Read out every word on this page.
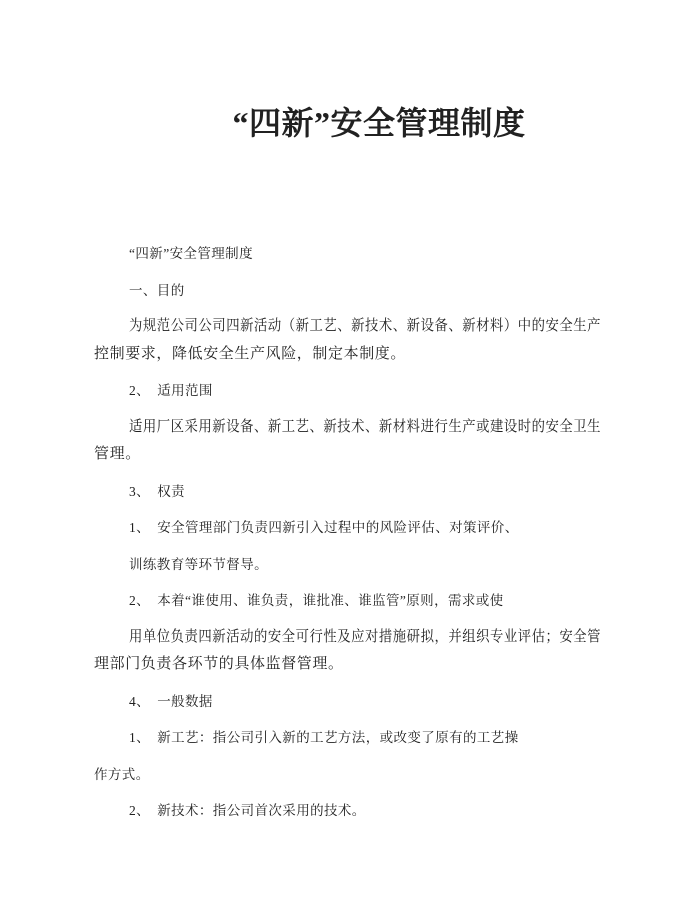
“四新”安全管理制度
“四新”安全管理制度
一、目的
为规范公司公司四新活动（新工艺、新技术、新设备、新材料）中的安全生产
控制要求，降低安全生产风险，制定本制度。
2、　适用范围
适用厂区采用新设备、新工艺、新技术、新材料进行生产或建设时的安全卫生
管理。
3、　权责
1、　安全管理部门负责四新引入过程中的风险评估、对策评价、
训练教育等环节督导。
2、　本着“谁使用、谁负责，谁批准、谁监管”原则，需求或使
用单位负责四新活动的安全可行性及应对措施研拟，并组织专业评估；安全管
理部门负责各环节的具体监督管理。
4、　一般数据
1、　新工艺：指公司引入新的工艺方法，或改变了原有的工艺操
作方式。
2、　新技术：指公司首次采用的技术。
